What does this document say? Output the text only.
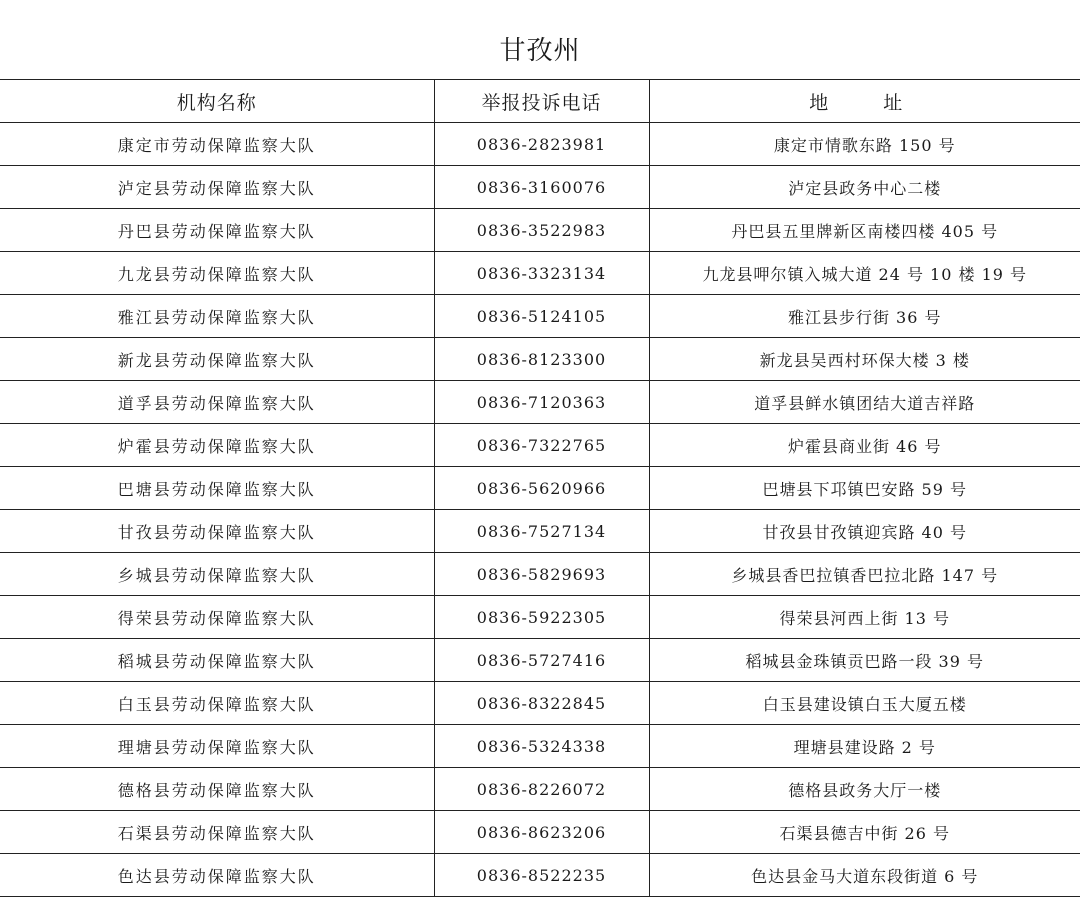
甘孜州
机构名称	举报投诉电话	地　址
康定市劳动保障监察大队	0836-2823981	康定市情歌东路 150 号
泸定县劳动保障监察大队	0836-3160076	泸定县政务中心二楼
丹巴县劳动保障监察大队	0836-3522983	丹巴县五里牌新区南楼四楼 405 号
九龙县劳动保障监察大队	0836-3323134	九龙县呷尔镇入城大道 24 号 10 楼 19 号
雅江县劳动保障监察大队	0836-5124105	雅江县步行街 36 号
新龙县劳动保障监察大队	0836-8123300	新龙县吴西村环保大楼 3 楼
道孚县劳动保障监察大队	0836-7120363	道孚县鲜水镇团结大道吉祥路
炉霍县劳动保障监察大队	0836-7322765	炉霍县商业街 46 号
巴塘县劳动保障监察大队	0836-5620966	巴塘县下邛镇巴安路 59 号
甘孜县劳动保障监察大队	0836-7527134	甘孜县甘孜镇迎宾路 40 号
乡城县劳动保障监察大队	0836-5829693	乡城县香巴拉镇香巴拉北路 147 号
得荣县劳动保障监察大队	0836-5922305	得荣县河西上街 13 号
稻城县劳动保障监察大队	0836-5727416	稻城县金珠镇贡巴路一段 39 号
白玉县劳动保障监察大队	0836-8322845	白玉县建设镇白玉大厦五楼
理塘县劳动保障监察大队	0836-5324338	理塘县建设路 2 号
德格县劳动保障监察大队	0836-8226072	德格县政务大厅一楼
石渠县劳动保障监察大队	0836-8623206	石渠县德吉中街 26 号
色达县劳动保障监察大队	0836-8522235	色达县金马大道东段街道 6 号
